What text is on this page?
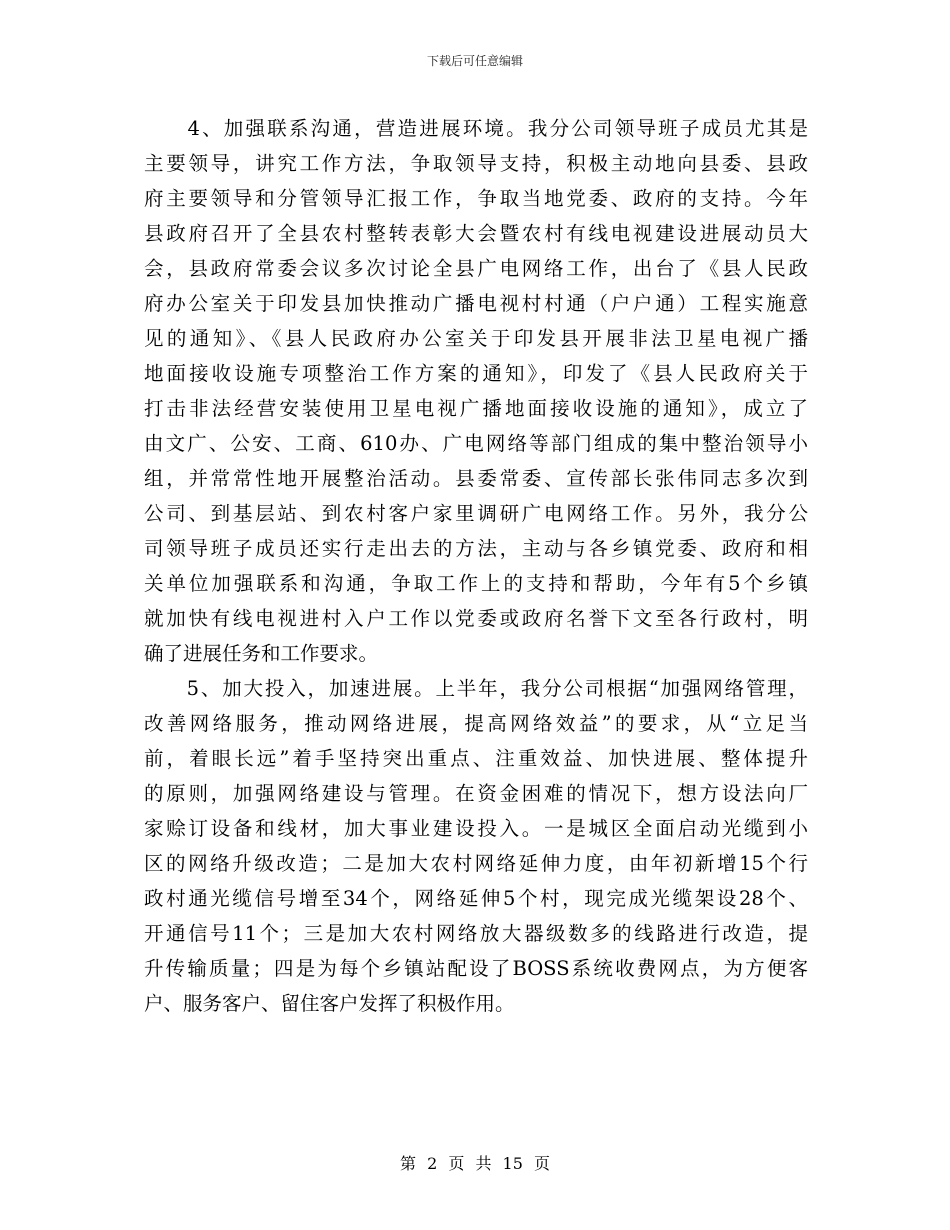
下载后可任意编辑
　　4、加强联系沟通，营造进展环境。我分公司领导班子成员尤其是
主要领导，讲究工作方法，争取领导支持，积极主动地向县委、县政
府主要领导和分管领导汇报工作，争取当地党委、政府的支持。今年
县政府召开了全县农村整转表彰大会暨农村有线电视建设进展动员大
会，县政府常委会议多次讨论全县广电网络工作，出台了《县人民政
府办公室关于印发县加快推动广播电视村村通（户户通）工程实施意
见的通知》、《县人民政府办公室关于印发县开展非法卫星电视广播
地面接收设施专项整治工作方案的通知》，印发了《县人民政府关于
打击非法经营安装使用卫星电视广播地面接收设施的通知》，成立了
由文广、公安、工商、610办、广电网络等部门组成的集中整治领导小
组，并常常性地开展整治活动。县委常委、宣传部长张伟同志多次到
公司、到基层站、到农村客户家里调研广电网络工作。另外，我分公
司领导班子成员还实行走出去的方法，主动与各乡镇党委、政府和相
关单位加强联系和沟通，争取工作上的支持和帮助，今年有5个乡镇
就加快有线电视进村入户工作以党委或政府名誉下文至各行政村，明
确了进展任务和工作要求。
　　5、加大投入，加速进展。上半年，我分公司根据“加强网络管理，
改善网络服务，推动网络进展，提高网络效益”的要求，从“立足当
前，着眼长远”着手坚持突出重点、注重效益、加快进展、整体提升
的原则，加强网络建设与管理。在资金困难的情况下，想方设法向厂
家赊订设备和线材，加大事业建设投入。一是城区全面启动光缆到小
区的网络升级改造；二是加大农村网络延伸力度，由年初新增15个行
政村通光缆信号增至34个，网络延伸5个村，现完成光缆架设28个、
开通信号11个；三是加大农村网络放大器级数多的线路进行改造，提
升传输质量；四是为每个乡镇站配设了BOSS系统收费网点，为方便客
户、服务客户、留住客户发挥了积极作用。
第 2 页 共 15 页
